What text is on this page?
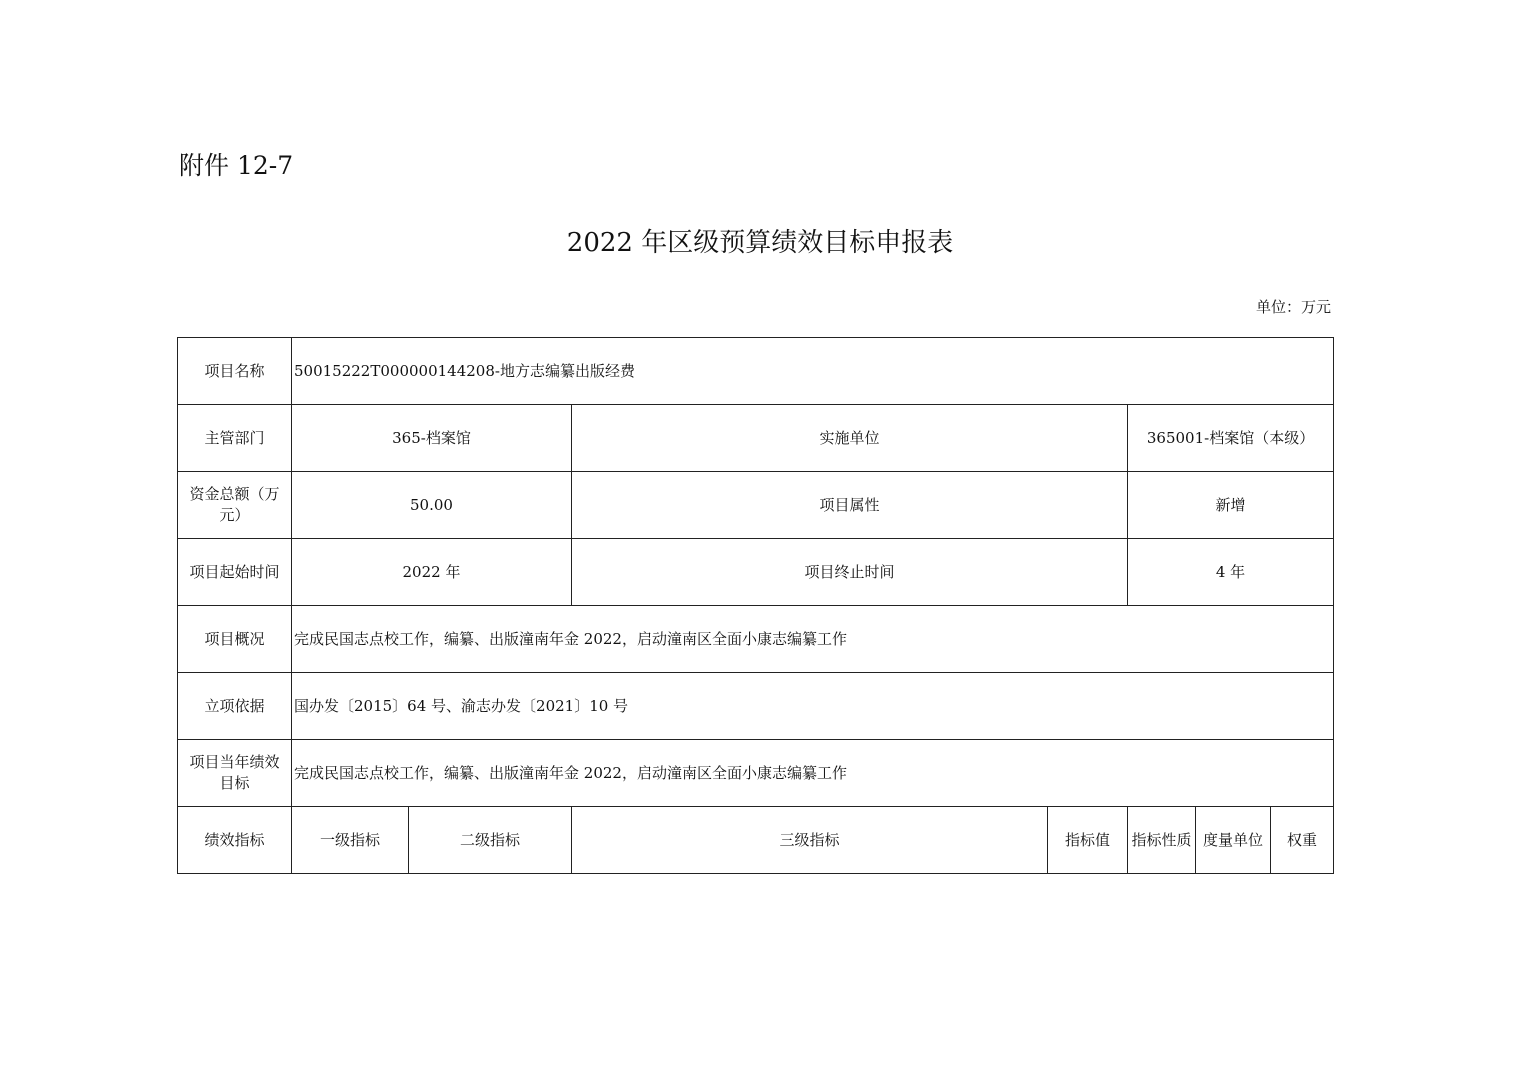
附件 12-7
2022 年区级预算绩效目标申报表
单位：万元
项目名称	50015222T000000144208-地方志编纂出版经费						
主管部门	365-档案馆		实施单位		365001-档案馆（本级）		
资金总额（万元）	50.00		项目属性		新增		
项目起始时间	2022 年		项目终止时间		4 年		
项目概况	完成民国志点校工作，编纂、出版潼南年金 2022，启动潼南区全面小康志编纂工作						
立项依据	国办发〔2015〕64 号、渝志办发〔2021〕10 号						
项目当年绩效目标	完成民国志点校工作，编纂、出版潼南年金 2022，启动潼南区全面小康志编纂工作						
绩效指标	一级指标	二级指标	三级指标	指标值	指标性质	度量单位	权重
